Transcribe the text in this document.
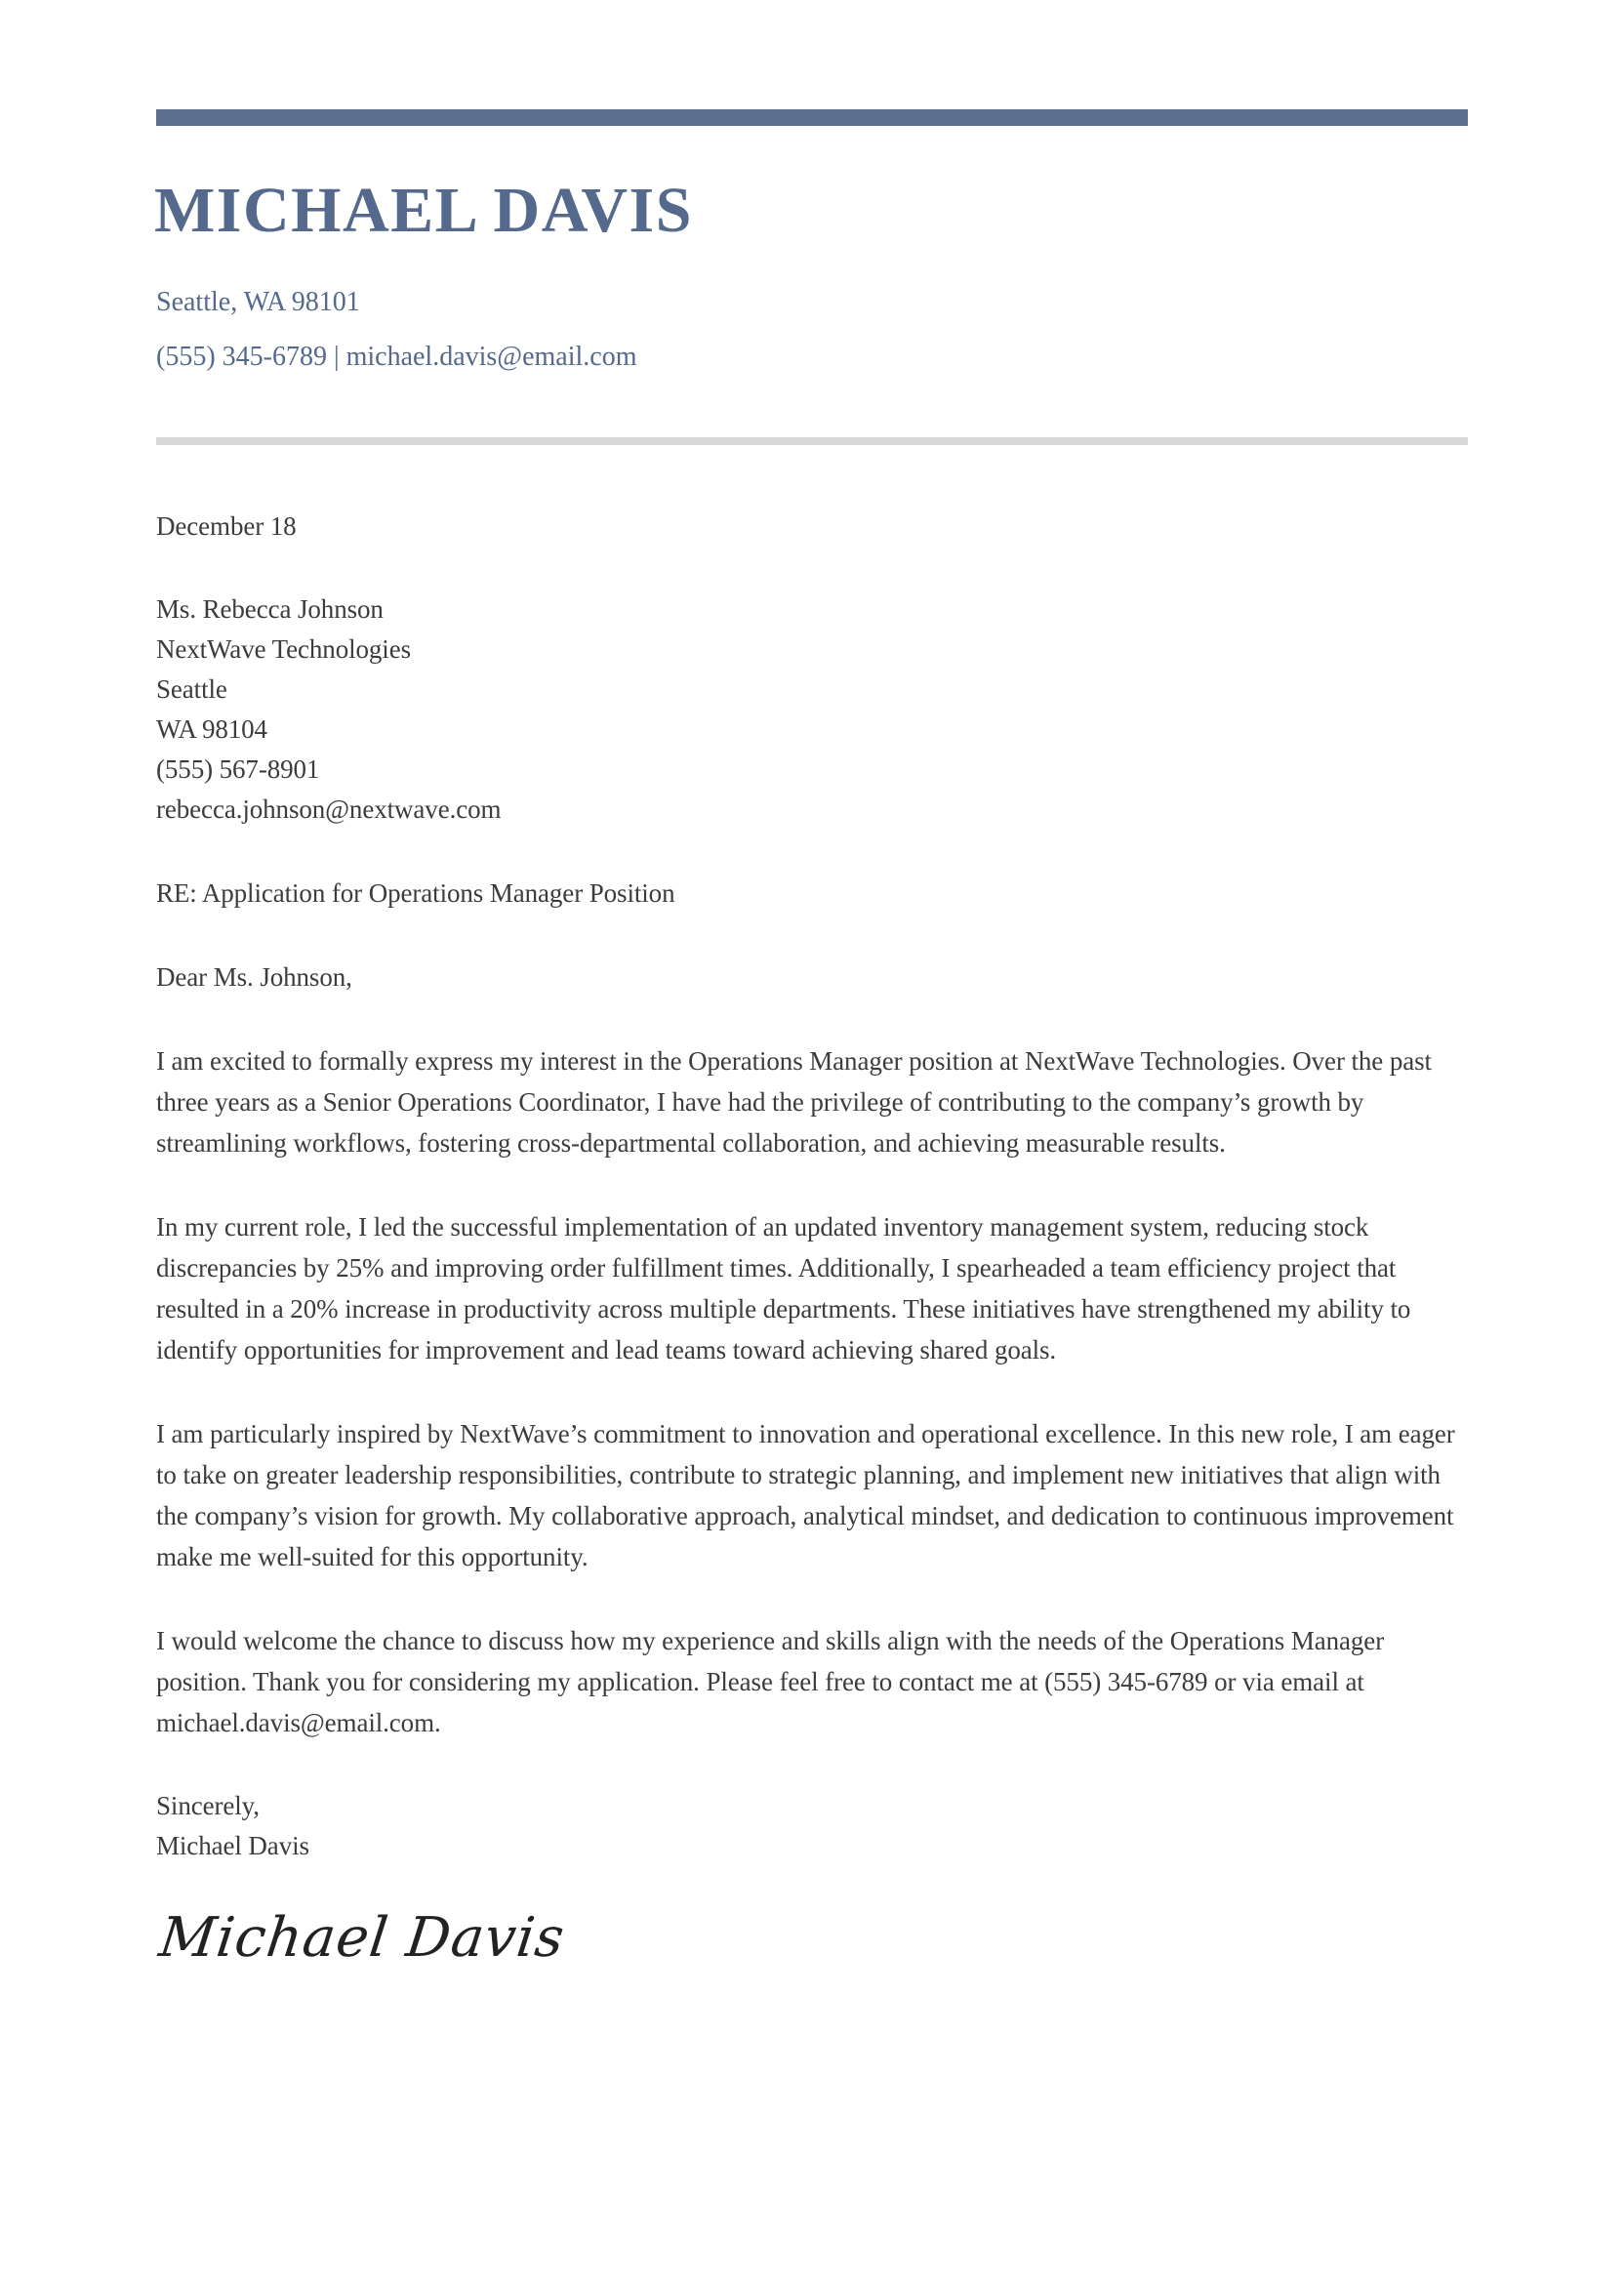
MICHAEL DAVIS
Seattle, WA 98101
(555) 345-6789 | michael.davis@email.com

December 18

Ms. Rebecca Johnson
NextWave Technologies
Seattle
WA 98104
(555) 567-8901
rebecca.johnson@nextwave.com

RE: Application for Operations Manager Position

Dear Ms. Johnson,

I am excited to formally express my interest in the Operations Manager position at NextWave Technologies. Over the past three years as a Senior Operations Coordinator, I have had the privilege of contributing to the company’s growth by streamlining workflows, fostering cross-departmental collaboration, and achieving measurable results.

In my current role, I led the successful implementation of an updated inventory management system, reducing stock discrepancies by 25% and improving order fulfillment times. Additionally, I spearheaded a team efficiency project that resulted in a 20% increase in productivity across multiple departments. These initiatives have strengthened my ability to identify opportunities for improvement and lead teams toward achieving shared goals.

I am particularly inspired by NextWave’s commitment to innovation and operational excellence. In this new role, I am eager to take on greater leadership responsibilities, contribute to strategic planning, and implement new initiatives that align with the company’s vision for growth. My collaborative approach, analytical mindset, and dedication to continuous improvement make me well-suited for this opportunity.

I would welcome the chance to discuss how my experience and skills align with the needs of the Operations Manager position. Thank you for considering my application. Please feel free to contact me at (555) 345-6789 or via email at michael.davis@email.com.

Sincerely,
Michael Davis
Michael Davis
